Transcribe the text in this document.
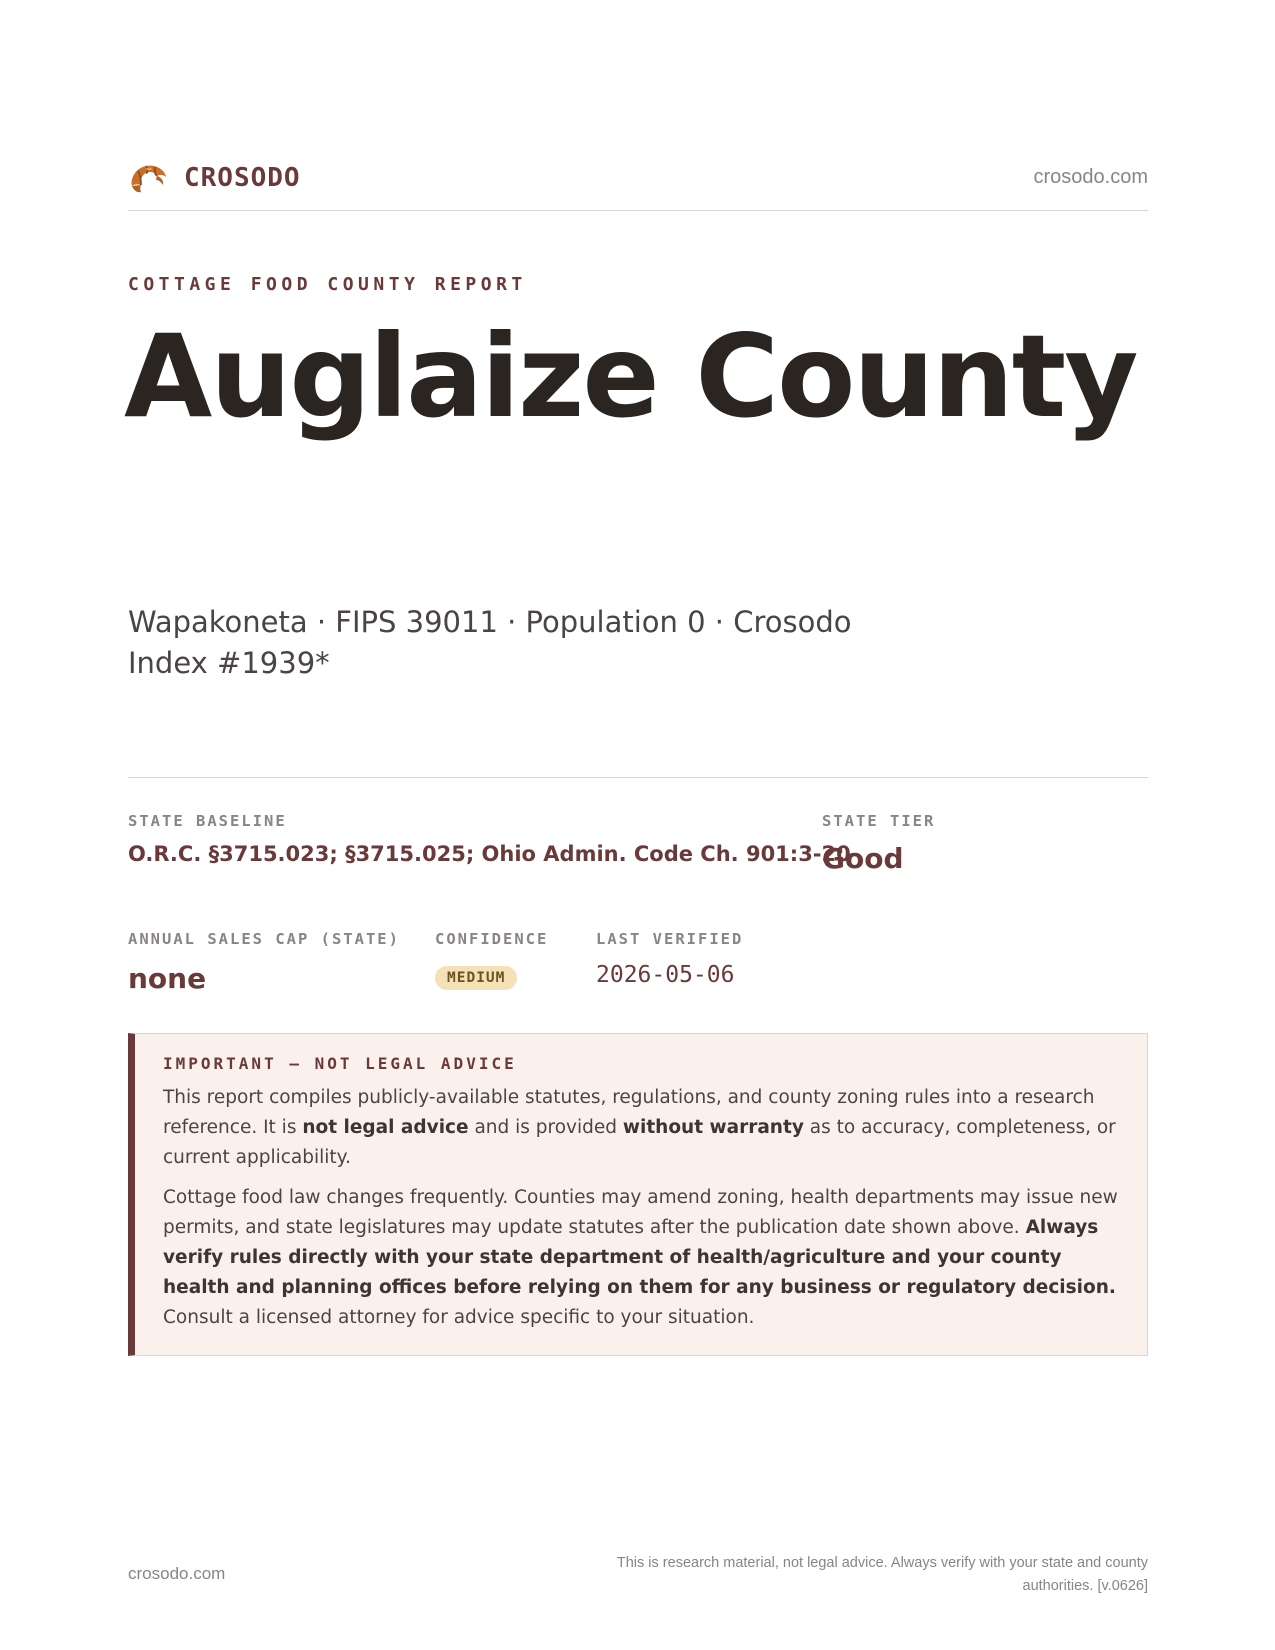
CROSODO	crosodo.com
COTTAGE FOOD COUNTY REPORT
Auglaize County
Wapakoneta · FIPS 39011 · Population 0 · Crosodo Index #1939*
STATE BASELINE
O.R.C. §3715.023; §3715.025; Ohio Admin. Code Ch. 901:3-20
STATE TIER
Good
ANNUAL SALES CAP (STATE)
none
CONFIDENCE
MEDIUM
LAST VERIFIED
2026-05-06
IMPORTANT — NOT LEGAL ADVICE

This report compiles publicly-available statutes, regulations, and county zoning rules into a research reference. It is not legal advice and is provided without warranty as to accuracy, completeness, or current applicability.

Cottage food law changes frequently. Counties may amend zoning, health departments may issue new permits, and state legislatures may update statutes after the publication date shown above. Always verify rules directly with your state department of health/agriculture and your county health and planning offices before relying on them for any business or regulatory decision. Consult a licensed attorney for advice specific to your situation.

crosodo.com
This is research material, not legal advice. Always verify with your state and county authorities. [v.0626]
